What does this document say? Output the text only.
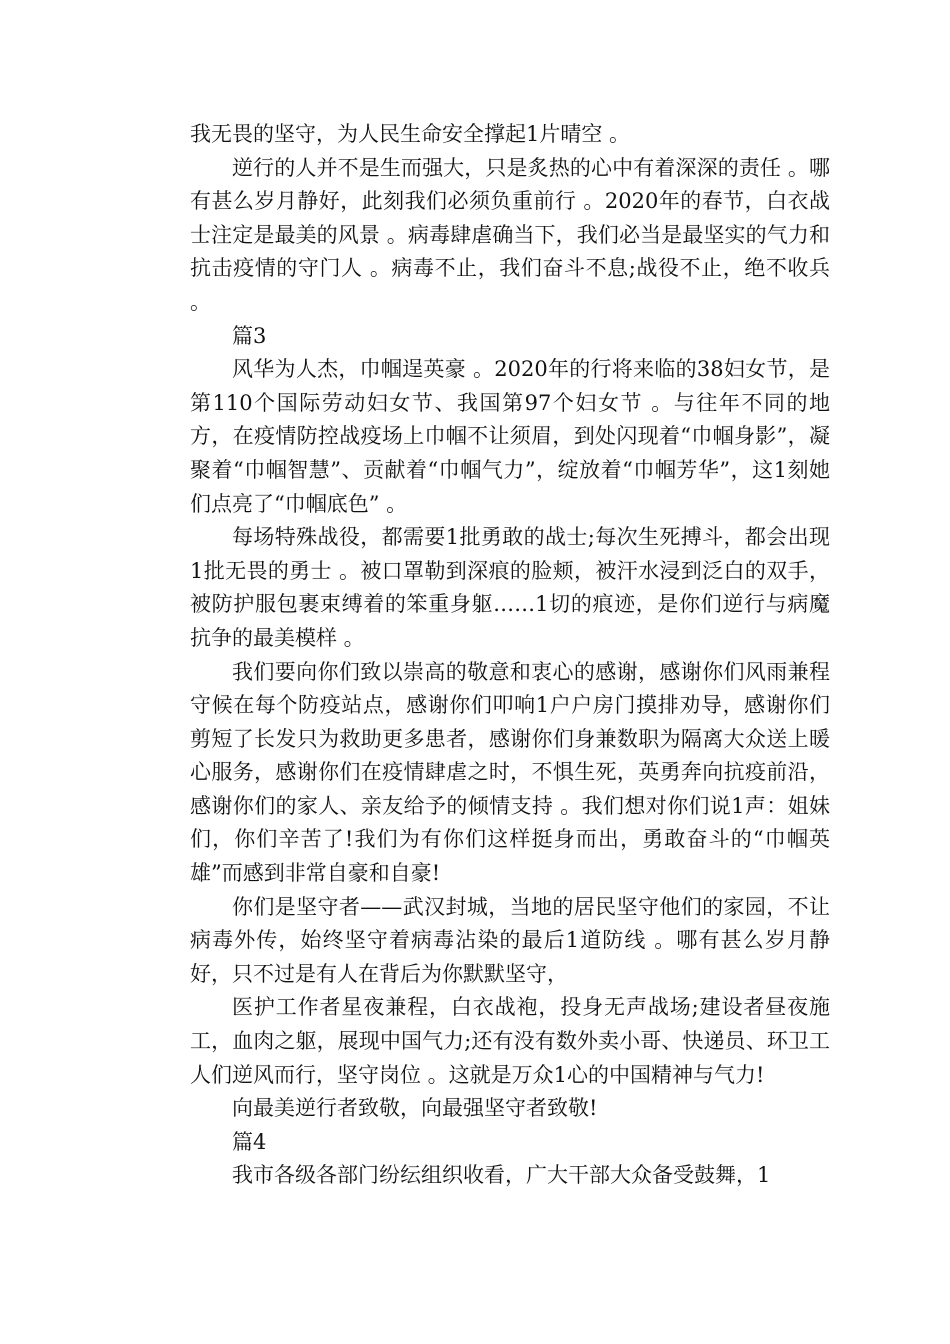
我无畏的坚守，为人民生命安全撑起1片晴空 。

逆行的人并不是生而强大，只是炙热的心中有着深深的责任 。哪有甚么岁月静好，此刻我们必须负重前行 。2020年的春节，白衣战士注定是最美的风景 。病毒肆虐确当下，我们必当是最坚实的气力和抗击疫情的守门人 。病毒不止，我们奋斗不息;战役不止，绝不收兵 。

篇3

风华为人杰，巾帼逞英豪 。2020年的行将来临的38妇女节，是第110个国际劳动妇女节、我国第97个妇女节 。与往年不同的地方，在疫情防控战疫场上巾帼不让须眉，到处闪现着“巾帼身影”，凝聚着“巾帼智慧”、贡献着“巾帼气力”，绽放着“巾帼芳华”，这1刻她们点亮了“巾帼底色” 。

每场特殊战役，都需要1批勇敢的战士;每次生死搏斗，都会出现1批无畏的勇士 。被口罩勒到深痕的脸颊，被汗水浸到泛白的双手，被防护服包裹束缚着的笨重身躯……1切的痕迹，是你们逆行与病魔抗争的最美模样 。

我们要向你们致以崇高的敬意和衷心的感谢，感谢你们风雨兼程守候在每个防疫站点，感谢你们叩响1户户房门摸排劝导，感谢你们剪短了长发只为救助更多患者，感谢你们身兼数职为隔离大众送上暖心服务，感谢你们在疫情肆虐之时，不惧生死，英勇奔向抗疫前沿，感谢你们的家人、亲友给予的倾情支持 。我们想对你们说1声：姐妹们，你们辛苦了!我们为有你们这样挺身而出，勇敢奋斗的“巾帼英雄”而感到非常自豪和自豪!

你们是坚守者——武汉封城，当地的居民坚守他们的家园，不让病毒外传，始终坚守着病毒沾染的最后1道防线 。哪有甚么岁月静好，只不过是有人在背后为你默默坚守，

医护工作者星夜兼程，白衣战袍，投身无声战场;建设者昼夜施工，血肉之躯，展现中国气力;还有没有数外卖小哥、快递员、环卫工人们逆风而行，坚守岗位 。这就是万众1心的中国精神与气力!

向最美逆行者致敬，向最强坚守者致敬!

篇4

我市各级各部门纷纭组织收看，广大干部大众备受鼓舞，1
